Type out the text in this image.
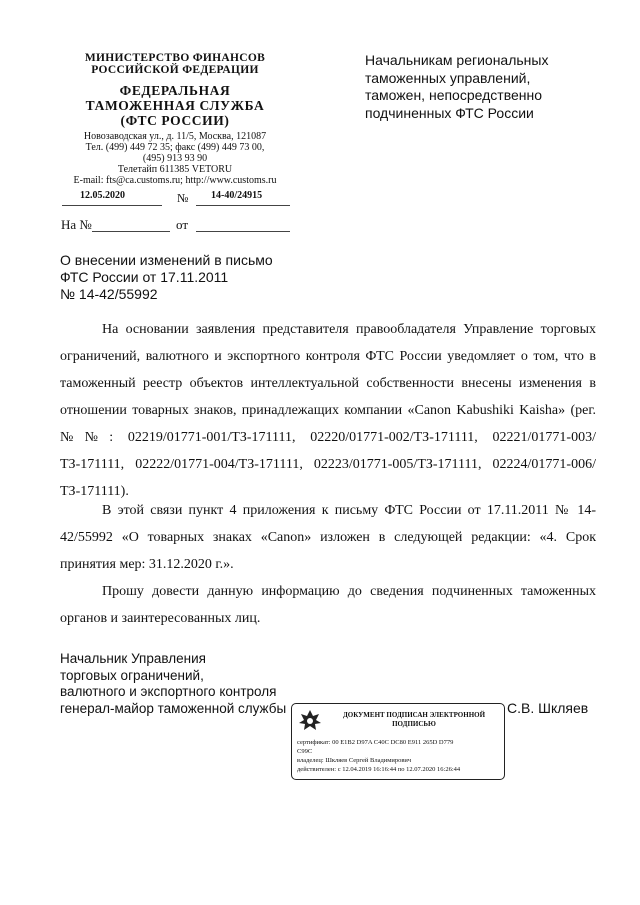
МИНИСТЕРСТВО ФИНАНСОВ
РОССИЙСКОЙ ФЕДЕРАЦИИ
ФЕДЕРАЛЬНАЯ
ТАМОЖЕННАЯ СЛУЖБА
(ФТС РОССИИ)
Новозаводская ул., д. 11/5, Москва, 121087
Тел. (499) 449 72 35; факс (499) 449 73 00,
(495) 913 93 90
Телетайп 611385 VETORU
E-mail: fts@ca.customs.ru; http://www.customs.ru
12.05.2020	№ 14-40/24915
На №	от
Начальникам региональных
таможенных управлений,
таможен, непосредственно
подчиненных ФТС России
О внесении изменений в письмо
ФТС России от 17.11.2011
№ 14-42/55992

На основании заявления представителя правообладателя Управление торговых ограничений, валютного и экспортного контроля ФТС России уведомляет о том, что в таможенный реестр объектов интеллектуальной собственности внесены изменения в отношении товарных знаков, принадлежащих компании «Canon Kabushiki Kaisha» (рег. №№: 02219/01771-001/ТЗ-171111, 02220/01771-002/ТЗ-171111, 02221/01771-003/ТЗ-171111, 02222/01771-004/ТЗ-171111, 02223/01771-005/ТЗ-171111, 02224/01771-006/ТЗ-171111).

В этой связи пункт 4 приложения к письму ФТС России от 17.11.2011 № 14-42/55992 «О товарных знаках «Canon» изложен в следующей редакции: «4. Срок принятия мер: 31.12.2020 г.».

Прошу довести данную информацию до сведения подчиненных таможенных органов и заинтересованных лиц.

Начальник Управления
торговых ограничений,
валютного и экспортного контроля
генерал-майор таможенной службы	С.В. Шкляев
ДОКУМЕНТ ПОДПИСАН ЭЛЕКТРОННОЙ
ПОДПИСЬЮ
сертификат: 00 E1B2 D97A C40C DC80 E911 265D D779
C99C
владелец: Шкляев Сергей Владимирович
действителен: с 12.04.2019 16:16:44 по 12.07.2020 16:26:44
